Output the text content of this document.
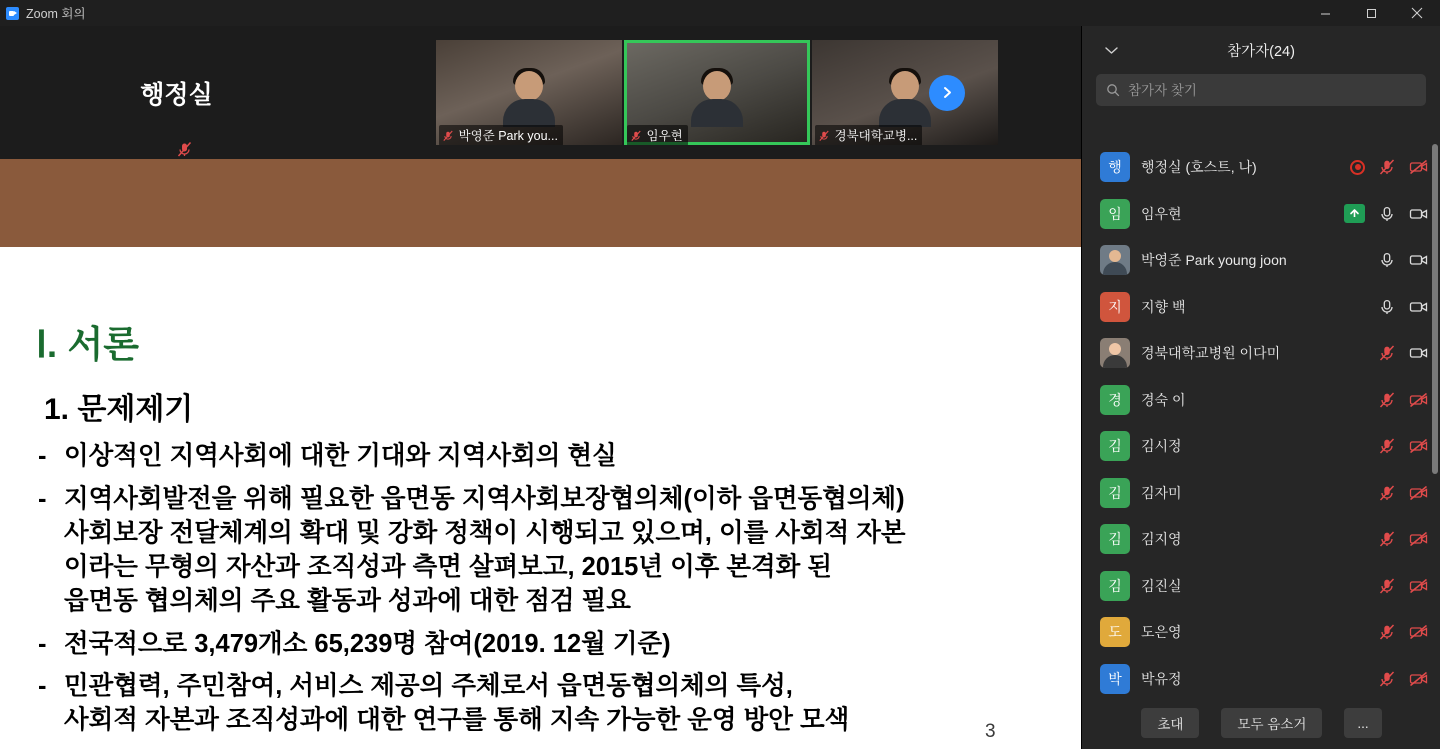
Zoom 회의
행정실
박영준 Park you...	임우현	경북대학교병...
Ⅰ. 서론
1. 문제제기
- 이상적인 지역사회에 대한 기대와 지역사회의 현실
- 지역사회발전을 위해 필요한 읍면동 지역사회보장협의체(이하 읍면동협의체)
사회보장 전달체계의 확대 및 강화 정책이 시행되고 있으며, 이를 사회적 자본
이라는 무형의 자산과 조직성과 측면 살펴보고, 2015년 이후 본격화 된
읍면동 협의체의 주요 활동과 성과에 대한 점검 필요
- 전국적으로 3,479개소 65,239명 참여(2019. 12월 기준)
- 민관협력, 주민참여, 서비스 제공의 주체로서 읍면동협의체의 특성,
사회적 자본과 조직성과에 대한 연구를 통해 지속 가능한 운영 방안 모색	3
참가자(24)
참가자 찾기
행 행정실 (호스트, 나)
임 임우현
박영준 Park young joon
지 지향 백
경북대학교병원 이다미
경 경숙 이
김 김시정
김 김자미
김 김지영
김 김진실
도 도은영
박 박유정
초대	모두 음소거	...
